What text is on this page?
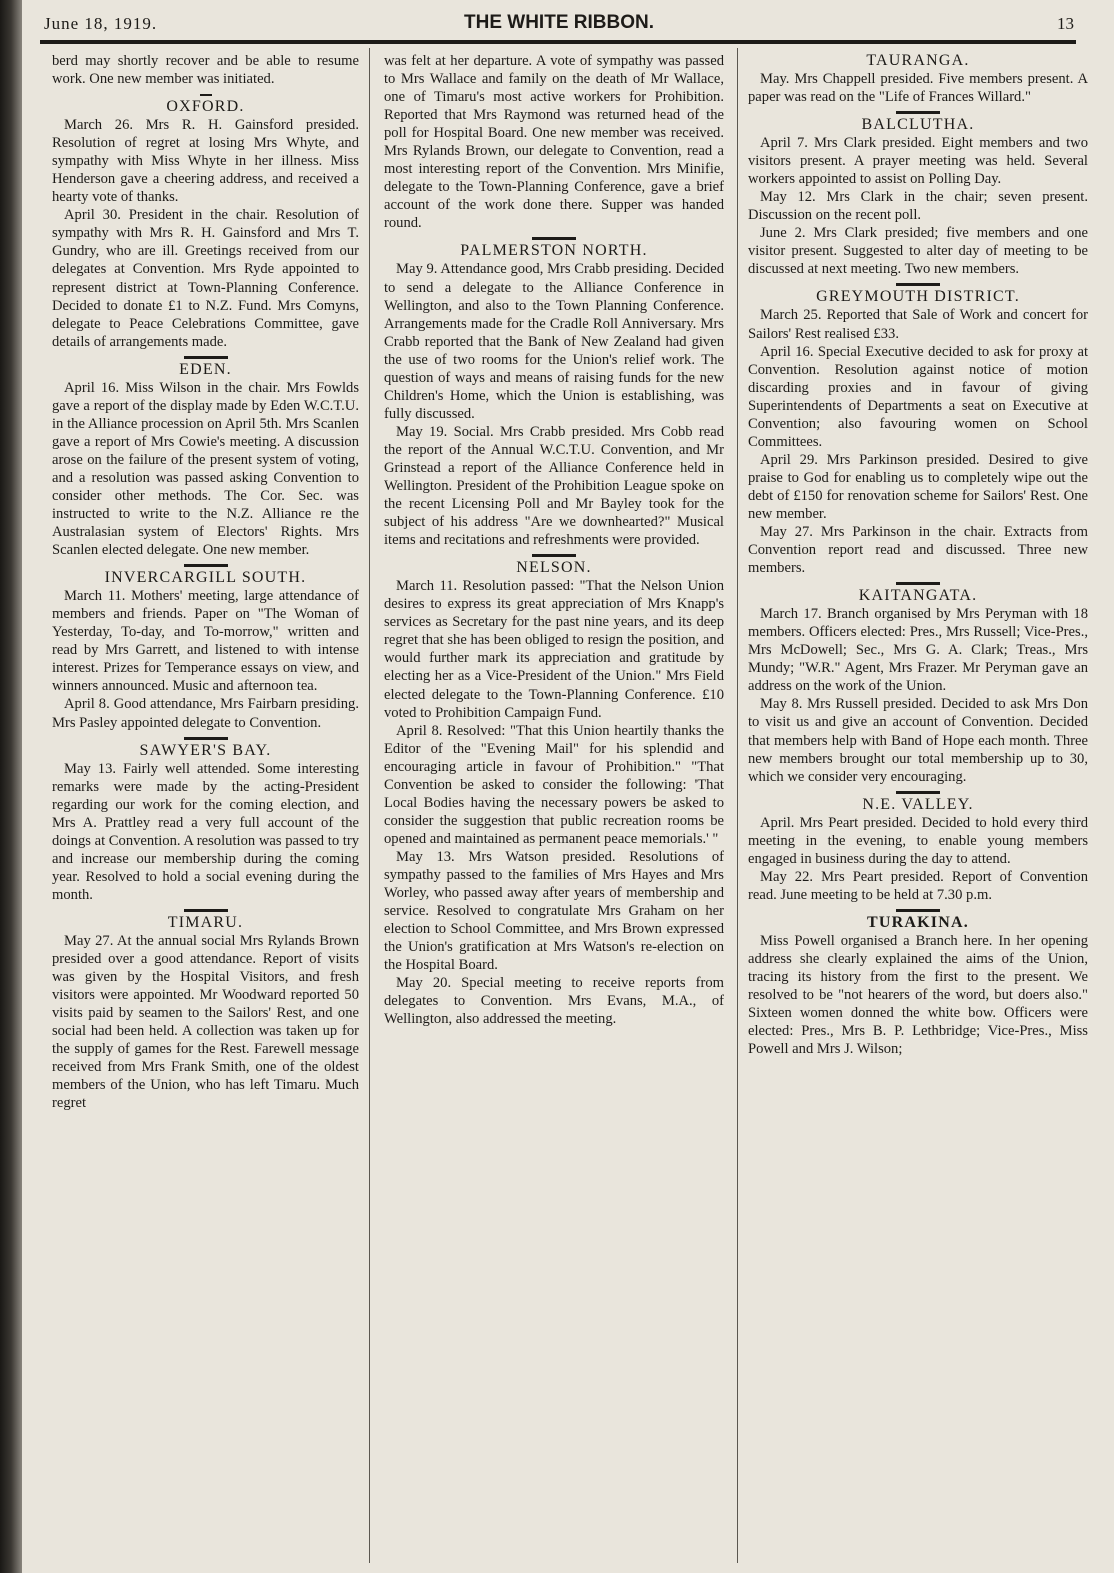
June 18, 1919.	THE WHITE RIBBON.	13

berd may shortly recover and be able to resume work. One new member was initiated.

OXFORD.

March 26. Mrs R. H. Gainsford presided. Resolution of regret at losing Mrs Whyte, and sympathy with Miss Whyte in her illness. Miss Henderson gave a cheering address, and received a hearty vote of thanks.

April 30. President in the chair. Resolution of sympathy with Mrs R. H. Gainsford and Mrs T. Gundry, who are ill. Greetings received from our delegates at Convention. Mrs Ryde appointed to represent district at Town-Planning Conference. Decided to donate £1 to N.Z. Fund. Mrs Comyns, delegate to Peace Celebrations Committee, gave details of arrangements made.

EDEN.

April 16. Miss Wilson in the chair. Mrs Fowlds gave a report of the display made by Eden W.C.T.U. in the Alliance procession on April 5th. Mrs Scanlen gave a report of Mrs Cowie's meeting. A discussion arose on the failure of the present system of voting, and a resolution was passed asking Convention to consider other methods. The Cor. Sec. was instructed to write to the N.Z. Alliance re the Australasian system of Electors' Rights. Mrs Scanlen elected delegate. One new member.

INVERCARGILL SOUTH.

March 11. Mothers' meeting, large attendance of members and friends. Paper on "The Woman of Yesterday, To-day, and To-morrow," written and read by Mrs Garrett, and listened to with intense interest. Prizes for Temperance essays on view, and winners announced. Music and afternoon tea.

April 8. Good attendance, Mrs Fairbarn presiding. Mrs Pasley appointed delegate to Convention.

SAWYER'S BAY.

May 13. Fairly well attended. Some interesting remarks were made by the acting-President regarding our work for the coming election, and Mrs A. Prattley read a very full account of the doings at Convention. A resolution was passed to try and increase our membership during the coming year. Resolved to hold a social evening during the month.

TIMARU.

May 27. At the annual social Mrs Rylands Brown presided over a good attendance. Report of visits was given by the Hospital Visitors, and fresh visitors were appointed. Mr Woodward reported 50 visits paid by seamen to the Sailors' Rest, and one social had been held. A collection was taken up for the supply of games for the Rest. Farewell message received from Mrs Frank Smith, one of the oldest members of the Union, who has left Timaru. Much regret

was felt at her departure. A vote of sympathy was passed to Mrs Wallace and family on the death of Mr Wallace, one of Timaru's most active workers for Prohibition. Reported that Mrs Raymond was returned head of the poll for Hospital Board. One new member was received. Mrs Rylands Brown, our delegate to Convention, read a most interesting report of the Convention. Mrs Minifie, delegate to the Town-Planning Conference, gave a brief account of the work done there. Supper was handed round.

PALMERSTON NORTH.

May 9. Attendance good, Mrs Crabb presiding. Decided to send a delegate to the Alliance Conference in Wellington, and also to the Town Planning Conference. Arrangements made for the Cradle Roll Anniversary. Mrs Crabb reported that the Bank of New Zealand had given the use of two rooms for the Union's relief work. The question of ways and means of raising funds for the new Children's Home, which the Union is establishing, was fully discussed.

May 19. Social. Mrs Crabb presided. Mrs Cobb read the report of the Annual W.C.T.U. Convention, and Mr Grinstead a report of the Alliance Conference held in Wellington. President of the Prohibition League spoke on the recent Licensing Poll and Mr Bayley took for the subject of his address "Are we downhearted?" Musical items and recitations and refreshments were provided.

NELSON.

March 11. Resolution passed: "That the Nelson Union desires to express its great appreciation of Mrs Knapp's services as Secretary for the past nine years, and its deep regret that she has been obliged to resign the position, and would further mark its appreciation and gratitude by electing her as a Vice-President of the Union." Mrs Field elected delegate to the Town-Planning Conference. £10 voted to Prohibition Campaign Fund.

April 8. Resolved: "That this Union heartily thanks the Editor of the "Evening Mail" for his splendid and encouraging article in favour of Prohibition." "That Convention be asked to consider the following: 'That Local Bodies having the necessary powers be asked to consider the suggestion that public recreation rooms be opened and maintained as permanent peace memorials.' "

May 13. Mrs Watson presided. Resolutions of sympathy passed to the families of Mrs Hayes and Mrs Worley, who passed away after years of membership and service. Resolved to congratulate Mrs Graham on her election to School Committee, and Mrs Brown expressed the Union's gratification at Mrs Watson's re-election on the Hospital Board.

May 20. Special meeting to receive reports from delegates to Convention. Mrs Evans, M.A., of Wellington, also addressed the meeting.

TAURANGA.

May. Mrs Chappell presided. Five members present. A paper was read on the "Life of Frances Willard."

BALCLUTHA.

April 7. Mrs Clark presided. Eight members and two visitors present. A prayer meeting was held. Several workers appointed to assist on Polling Day.

May 12. Mrs Clark in the chair; seven present. Discussion on the recent poll.

June 2. Mrs Clark presided; five members and one visitor present. Suggested to alter day of meeting to be discussed at next meeting. Two new members.

GREYMOUTH DISTRICT.

March 25. Reported that Sale of Work and concert for Sailors' Rest realised £33.

April 16. Special Executive decided to ask for proxy at Convention. Resolution against notice of motion discarding proxies and in favour of giving Superintendents of Departments a seat on Executive at Convention; also favouring women on School Committees.

April 29. Mrs Parkinson presided. Desired to give praise to God for enabling us to completely wipe out the debt of £150 for renovation scheme for Sailors' Rest. One new member.

May 27. Mrs Parkinson in the chair. Extracts from Convention report read and discussed. Three new members.

KAITANGATA.

March 17. Branch organised by Mrs Peryman with 18 members. Officers elected: Pres., Mrs Russell; Vice-Pres., Mrs McDowell; Sec., Mrs G. A. Clark; Treas., Mrs Mundy; "W.R." Agent, Mrs Frazer. Mr Peryman gave an address on the work of the Union.

May 8. Mrs Russell presided. Decided to ask Mrs Don to visit us and give an account of Convention. Decided that members help with Band of Hope each month. Three new members brought our total membership up to 30, which we consider very encouraging.

N.E. VALLEY.

April. Mrs Peart presided. Decided to hold every third meeting in the evening, to enable young members engaged in business during the day to attend.

May 22. Mrs Peart presided. Report of Convention read. June meeting to be held at 7.30 p.m.

TURAKINA.

Miss Powell organised a Branch here. In her opening address she clearly explained the aims of the Union, tracing its history from the first to the present. We resolved to be "not hearers of the word, but doers also." Sixteen women donned the white bow. Officers were elected: Pres., Mrs B. P. Lethbridge; Vice-Pres., Miss Powell and Mrs J. Wilson;
